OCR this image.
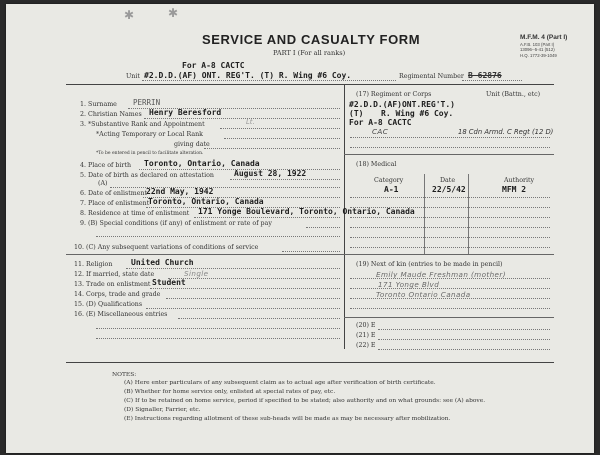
✱	✱
SERVICE AND CASUALTY FORM
PART I (For all ranks)
M.F.M. 4 (Part I)
A.F.B. 103 (Part I)
13096--5-41 (512)
H.Q. 1772-39-1049
For A-8 CACTC
Unit #2.D.D.(AF) ONT. REG'T. (T) R. Wing #6 Coy.	Regimental Number B 62876
1. Surname PERRIN
2. Christian Names Henry Beresford
3. *Substantive Rank and Appointment	Lt.
*Acting Temporary or Local Rank
giving date
*To be entered in pencil to facilitate alteration.
4. Place of birth Toronto, Ontario, Canada
5. Date of birth as declared on attestation	August 28, 1922
(A)
6. Date of enlistment
22nd May, 1942
7. Place of enlistment
Toronto, Ontario, Canada
8. Residence at time of enlistment 171 Yonge Boulevard, Toronto, Ontario, Canada
9. (B) Special conditions (if any) of enlistment or rate of pay
10. (C) Any subsequent variations of conditions of service
11. Religion United Church
12. If married, state date	Single
13. Trade on enlistment Student
14. Corps, trade and grade
15. (D) Qualifications
16. (E) Miscellaneous entries
(17) Regiment or Corps	Unit (Battn., etc)
#2.D.D.(AF)ONT.REG'T.)
(T) R. Wing #6 Coy.
For A-8 CACTC
CAC	18 Cdn Armd. C Regt (12 D)
(18) Medical
Category	Date	Authority
A-1	22/5/42	MFM 2
(19) Next of kin (entries to be made in pencil)
Emily Maude Freshman (mother)
171 Yonge Blvd
Toronto Ontario Canada
(20) E
(21) E
(22) E
NOTES:
(A) Here enter particulars of any subsequent claim as to actual age after verification of birth certificate.
(B) Whether for home service only, enlisted at special rates of pay, etc.
(C) If to be retained on home service, period if specified to be stated; also authority and on what grounds: see (A) above.
(D) Signaller, Farrier, etc.
(E) Instructions regarding allotment of these sub-heads will be made as may be necessary after mobilization.
